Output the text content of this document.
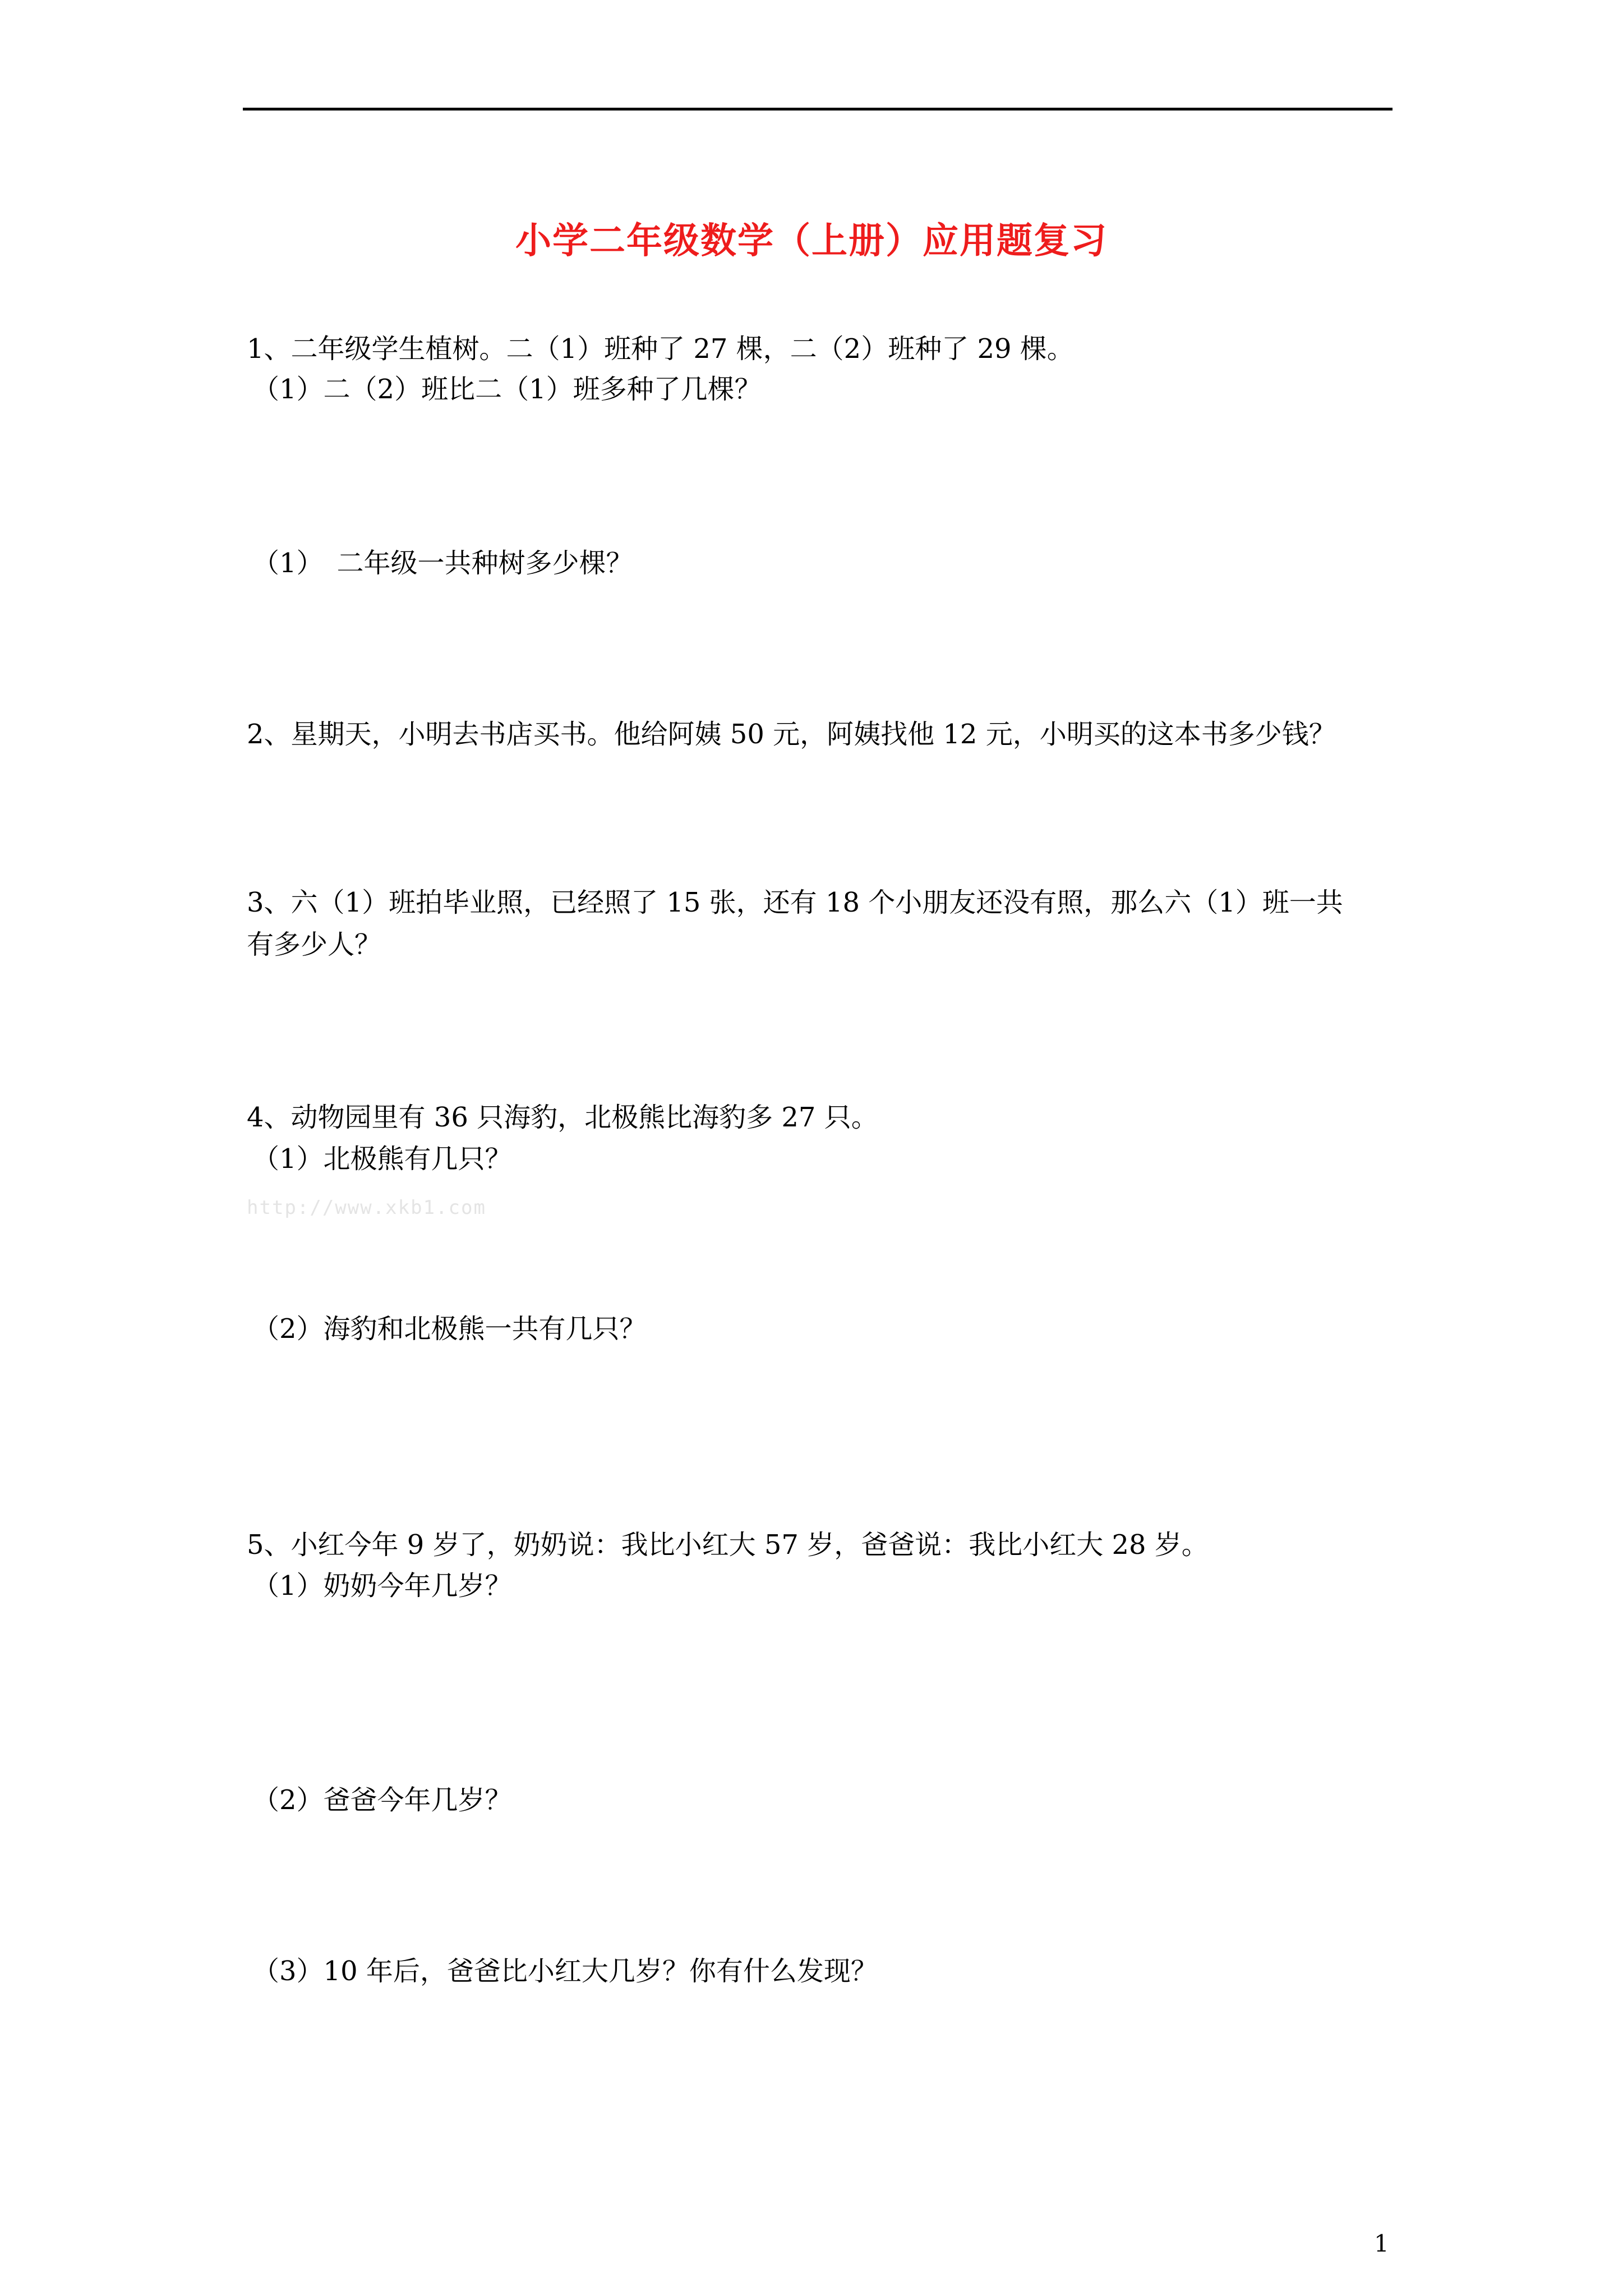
小学二年级数学（上册）应用题复习
1、二年级学生植树。二（1）班种了 27 棵，二（2）班种了 29 棵。
（1）二（2）班比二（1）班多种了几棵？
（1）　二年级一共种树多少棵？
2、星期天，小明去书店买书。他给阿姨 50 元，阿姨找他 12 元，小明买的这本书多少钱？
3、六（1）班拍毕业照，已经照了 15 张，还有 18 个小朋友还没有照，那么六（1）班一共
有多少人？
4、动物园里有 36 只海豹，北极熊比海豹多 27 只。
（1）北极熊有几只？
http://www.xkb1.com
（2）海豹和北极熊一共有几只？
5、小红今年 9 岁了，奶奶说：我比小红大 57 岁，爸爸说：我比小红大 28 岁。
（1）奶奶今年几岁？
（2）爸爸今年几岁？
（3）10 年后，爸爸比小红大几岁？你有什么发现？
1
